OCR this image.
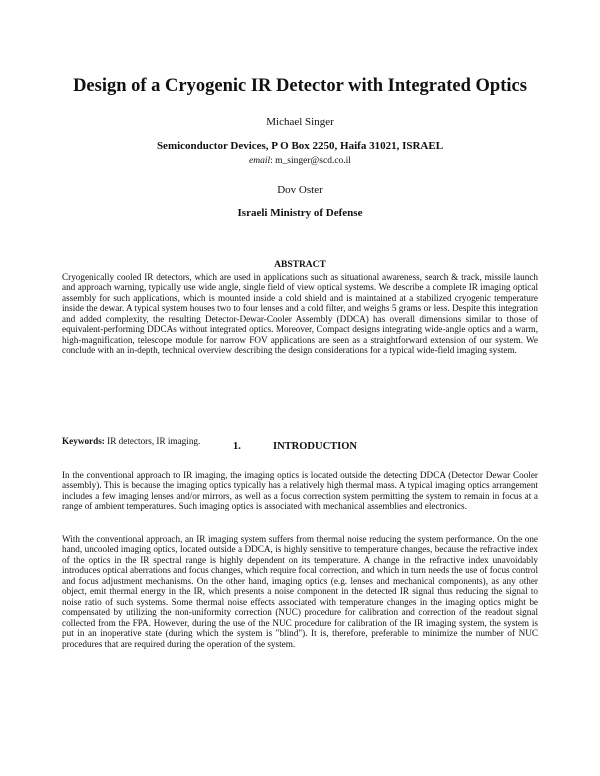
Design of a Cryogenic IR Detector with Integrated Optics

Michael Singer

Semiconductor Devices, P O Box 2250, Haifa 31021, ISRAEL

email: m_singer@scd.co.il

Dov Oster

Israeli Ministry of Defense

ABSTRACT

Cryogenically cooled IR detectors, which are used in applications such as situational awareness, search & track, missile launch and approach warning, typically use wide angle, single field of view optical systems. We describe a complete IR imaging optical assembly for such applications, which is mounted inside a cold shield and is maintained at a stabilized cryogenic temperature inside the dewar. A typical system houses two to four lenses and a cold filter, and weighs 5 grams or less. Despite this integration and added complexity, the resulting Detector-Dewar-Cooler Assembly (DDCA) has overall dimensions similar to those of equivalent-performing DDCAs without integrated optics. Moreover, Compact designs integrating wide-angle optics and a warm, high-magnification, telescope module for narrow FOV applications are seen as a straightforward extension of our system. We conclude with an in-depth, technical overview describing the design considerations for a typical wide-field imaging system.

Keywords: IR detectors, IR imaging.	1.	INTRODUCTION

In the conventional approach to IR imaging, the imaging optics is located outside the detecting DDCA (Detector Dewar Cooler assembly). This is because the imaging optics typically has a relatively high thermal mass. A typical imaging optics arrangement includes a few imaging lenses and/or mirrors, as well as a focus correction system permitting the system to remain in focus at a range of ambient temperatures. Such imaging optics is associated with mechanical assemblies and electronics.

With the conventional approach, an IR imaging system suffers from thermal noise reducing the system performance. On the one hand, uncooled imaging optics, located outside a DDCA, is highly sensitive to temperature changes, because the refractive index of the optics in the IR spectral range is highly dependent on its temperature. A change in the refractive index unavoidably introduces optical aberrations and focus changes, which require focal correction, and which in turn needs the use of focus control and focus adjustment mechanisms. On the other hand, imaging optics (e.g. lenses and mechanical components), as any other object, emit thermal energy in the IR, which presents a noise component in the detected IR signal thus reducing the signal to noise ratio of such systems. Some thermal noise effects associated with temperature changes in the imaging optics might be compensated by utilizing the non-uniformity correction (NUC) procedure for calibration and correction of the readout signal collected from the FPA. However, during the use of the NUC procedure for calibration of the IR imaging system, the system is put in an inoperative state (during which the system is "blind"). It is, therefore, preferable to minimize the number of NUC procedures that are required during the operation of the system.
